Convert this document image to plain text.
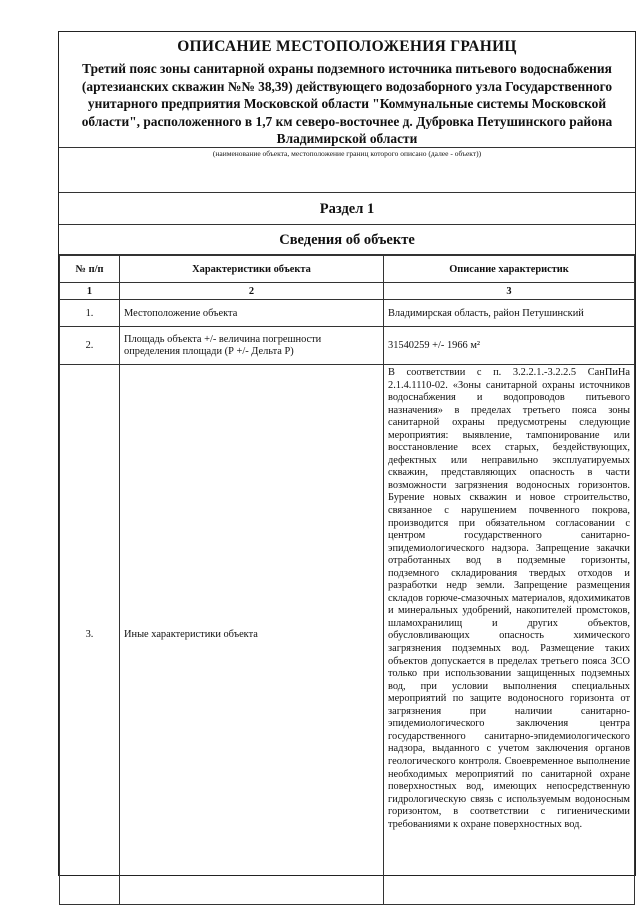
ОПИСАНИЕ МЕСТОПОЛОЖЕНИЯ ГРАНИЦ
Третий пояс зоны санитарной охраны подземного источника питьевого водоснабжения (артезианских скважин №№ 38,39) действующего водозаборного узла Государственного унитарного предприятия Московской области "Коммунальные системы Московской области", расположенного в 1,7 км северо-восточнее д. Дубровка Петушинского района Владимирской области
(наименование объекта, местоположение границ которого описано (далее - объект))
Раздел 1
Сведения об объекте
№ п/п	Характеристики объекта	Описание характеристик
1	2	3
1.	Местоположение объекта	Владимирская область, район Петушинский
2.	Площадь объекта +/- величина погрешности определения площади (Р +/- Дельта Р)	31540259 +/- 1966 м²
3.	Иные характеристики объекта	В соответствии с п. 3.2.2.1.-3.2.2.5 СанПиНа 2.1.4.1110-02. «Зоны санитарной охраны источников водоснабжения и водопроводов питьевого назначения» в пределах третьего пояса зоны санитарной охраны предусмотрены следующие мероприятия: выявление, тампонирование или восстановление всех старых, бездействующих, дефектных или неправильно эксплуатируемых скважин, представляющих опасность в части возможности загрязнения водоносных горизонтов. Бурение новых скважин и новое строительство, связанное с нарушением почвенного покрова, производится при обязательном согласовании с центром государственного санитарно-эпидемиологического надзора. Запрещение закачки отработанных вод в подземные горизонты, подземного складирования твердых отходов и разработки недр земли. Запрещение размещения складов горюче-смазочных материалов, ядохимикатов и минеральных удобрений, накопителей промстоков, шламохранилищ и других объектов, обусловливающих опасность химического загрязнения подземных вод. Размещение таких объектов допускается в пределах третьего пояса ЗСО только при использовании защищенных подземных вод, при условии выполнения специальных мероприятий по защите водоносного горизонта от загрязнения при наличии санитарно-эпидемиологического заключения центра государственного санитарно-эпидемиологического надзора, выданного с учетом заключения органов геологического контроля. Своевременное выполнение необходимых мероприятий по санитарной охране поверхностных вод, имеющих непосредственную гидрологическую связь с используемым водоносным горизонтом, в соответствии с гигиеническими требованиями к охране поверхностных вод.
